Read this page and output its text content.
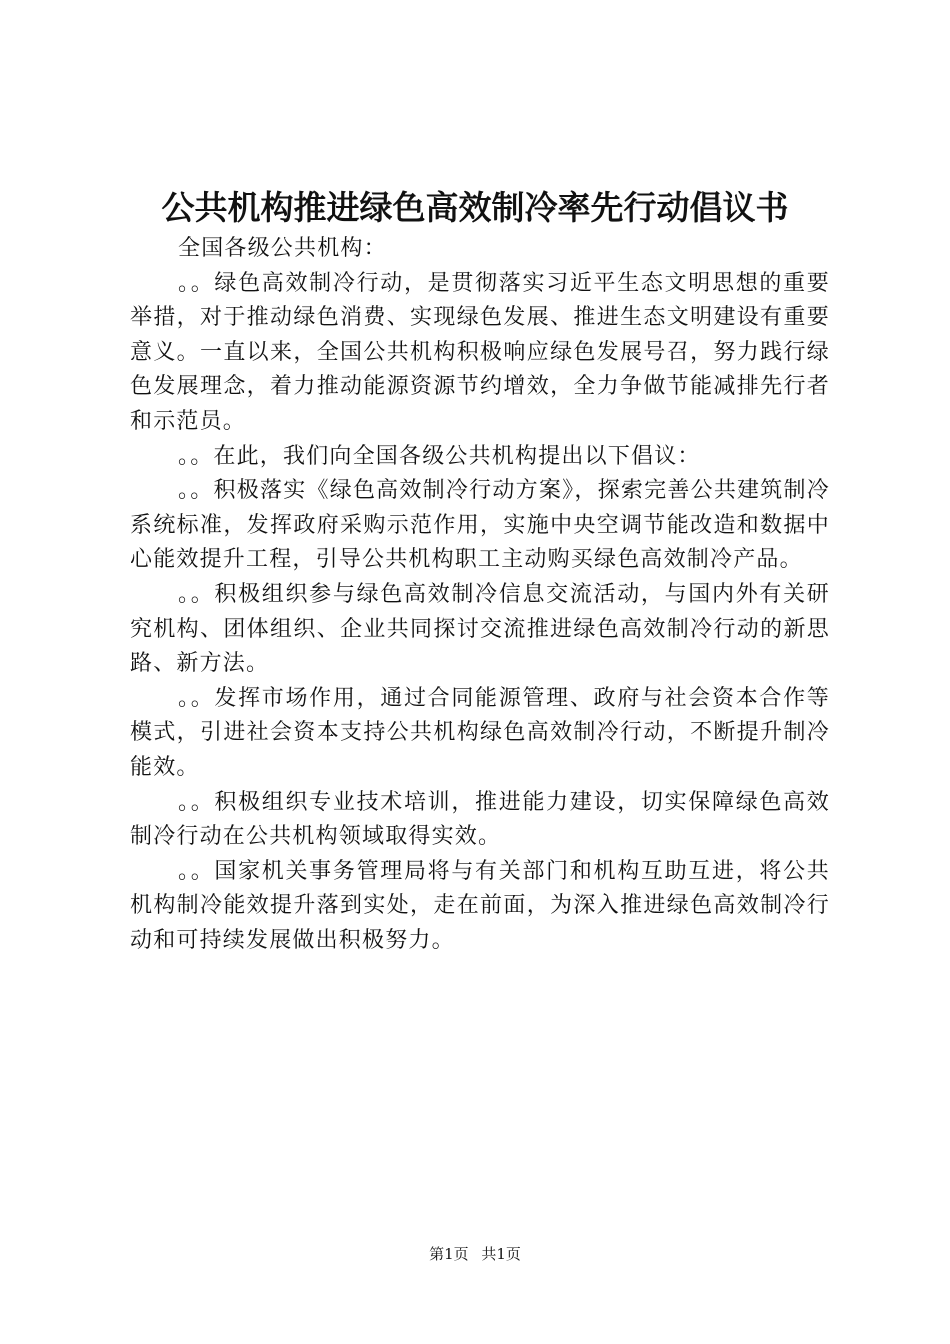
公共机构推进绿色高效制冷率先行动倡议书

全国各级公共机构：

。。绿色高效制冷行动，是贯彻落实习近平生态文明思想的重要举措，对于推动绿色消费、实现绿色发展、推进生态文明建设有重要意义。一直以来，全国公共机构积极响应绿色发展号召，努力践行绿色发展理念，着力推动能源资源节约增效，全力争做节能减排先行者和示范员。

。。在此，我们向全国各级公共机构提出以下倡议：

。。积极落实《绿色高效制冷行动方案》，探索完善公共建筑制冷系统标准，发挥政府采购示范作用，实施中央空调节能改造和数据中心能效提升工程，引导公共机构职工主动购买绿色高效制冷产品。

。。积极组织参与绿色高效制冷信息交流活动，与国内外有关研究机构、团体组织、企业共同探讨交流推进绿色高效制冷行动的新思路、新方法。

。。发挥市场作用，通过合同能源管理、政府与社会资本合作等模式，引进社会资本支持公共机构绿色高效制冷行动，不断提升制冷能效。

。。积极组织专业技术培训，推进能力建设，切实保障绿色高效制冷行动在公共机构领域取得实效。

。。国家机关事务管理局将与有关部门和机构互助互进，将公共机构制冷能效提升落到实处，走在前面，为深入推进绿色高效制冷行动和可持续发展做出积极努力。

第1页 共1页
